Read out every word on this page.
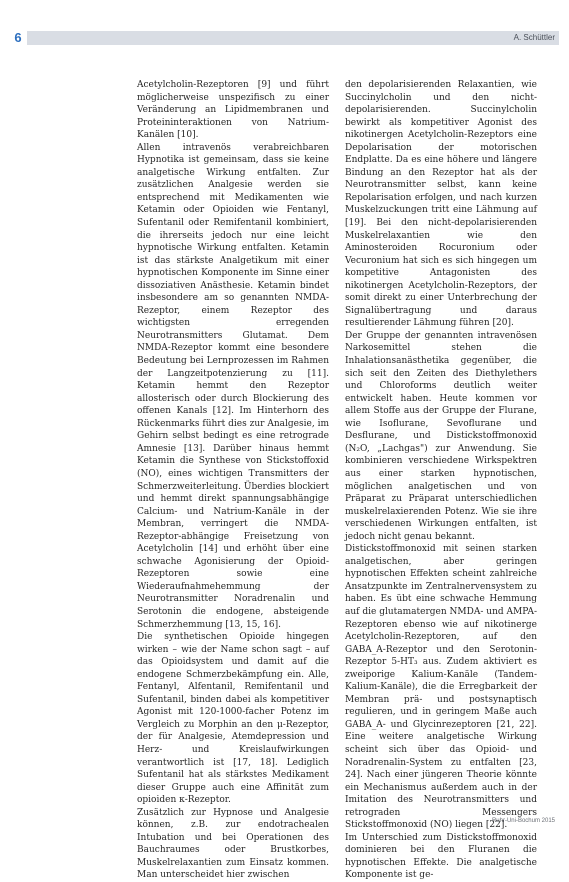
6	A. Schüttler

Acetylcholin-Rezeptoren [9] und führt möglicherweise unspezifisch zu einer Veränderung an Lipidmembranen und Proteininteraktionen von Natrium-Kanälen [10].

Allen intravenös verabreichbaren Hypnotika ist gemeinsam, dass sie keine analgetische Wirkung entfalten. Zur zusätzlichen Analgesie werden sie entsprechend mit Medikamenten wie Ketamin oder Opioiden wie Fentanyl, Sufentanil oder Remifentanil kombiniert, die ihrerseits jedoch nur eine leicht hypnotische Wirkung entfalten. Ketamin ist das stärkste Analgetikum mit einer hypnotischen Komponente im Sinne einer dissoziativen Anästhesie. Ketamin bindet insbesondere am so genannten NMDA-Rezeptor, einem Rezeptor des wichtigsten erregenden Neurotransmitters Glutamat. Dem NMDA-Rezeptor kommt eine besondere Bedeutung bei Lernprozessen im Rahmen der Langzeitpotenzierung zu [11]. Ketamin hemmt den Rezeptor allosterisch oder durch Blockierung des offenen Kanals [12]. Im Hinterhorn des Rückenmarks führt dies zur Analgesie, im Gehirn selbst bedingt es eine retrograde Amnesie [13]. Darüber hinaus hemmt Ketamin die Synthese von Stickstoffoxid (NO), eines wichtigen Transmitters der Schmerzweiterleitung. Überdies blockiert und hemmt direkt spannungsabhängige Calcium- und Natrium-Kanäle in der Membran, verringert die NMDA-Rezeptor-abhängige Freisetzung von Acetylcholin [14] und erhöht über eine schwache Agonisierung der Opioid-Rezeptoren sowie eine Wiederaufnahmehemmung der Neurotransmitter Noradrenalin und Serotonin die endogene, absteigende Schmerzhemmung [13, 15, 16].

Die synthetischen Opioide hingegen wirken – wie der Name schon sagt – auf das Opioidsystem und damit auf die endogene Schmerzbekämpfung ein. Alle, Fentanyl, Alfentanil, Remifentanil und Sufentanil, binden dabei als kompetitiver Agonist mit 120-1000-facher Potenz im Vergleich zu Morphin an den μ-Rezeptor, der für Analgesie, Atemdepression und Herz- und Kreislaufwirkungen verantwortlich ist [17, 18]. Lediglich Sufentanil hat als stärkstes Medikament dieser Gruppe auch eine Affinität zum opioiden κ-Rezeptor.

Zusätzlich zur Hypnose und Analgesie können, z.B. zur endotrachealen Intubation und bei Operationen des Bauchraumes oder Brustkorbes, Muskelrelaxantien zum Einsatz kommen. Man unterscheidet hier zwischen

den depolarisierenden Relaxantien, wie Succinylcholin und den nicht-depolarisierenden. Succinylcholin bewirkt als kompetitiver Agonist des nikotinergen Acetylcholin-Rezeptors eine Depolarisation der motorischen Endplatte. Da es eine höhere und längere Bindung an den Rezeptor hat als der Neurotransmitter selbst, kann keine Repolarisation erfolgen, und nach kurzen Muskelzuckungen tritt eine Lähmung auf [19]. Bei den nicht-depolarisierenden Muskelrelaxantien wie den Aminosteroiden Rocuronium oder Vecuronium hat sich es sich hingegen um kompetitive Antagonisten des nikotinergen Acetylcholin-Rezeptors, der somit direkt zu einer Unterbrechung der Signalübertragung und daraus resultierender Lähmung führen [20].

Der Gruppe der genannten intravenösen Narkosemittel stehen die Inhalationsanästhetika gegenüber, die sich seit den Zeiten des Diethylethers und Chloroforms deutlich weiter entwickelt haben. Heute kommen vor allem Stoffe aus der Gruppe der Flurane, wie Isoflurane, Sevoflurane und Desflurane, und Distickstoffmonoxid (N₂O, „Lachgas") zur Anwendung. Sie kombinieren verschiedene Wirkspektren aus einer starken hypnotischen, möglichen analgetischen und von Präparat zu Präparat unterschiedlichen muskelrelaxierenden Potenz. Wie sie ihre verschiedenen Wirkungen entfalten, ist jedoch nicht genau bekannt.

Distickstoffmonoxid mit seinen starken analgetischen, aber geringen hypnotischen Effekten scheint zahlreiche Ansatzpunkte im Zentralnervensystem zu haben. Es übt eine schwache Hemmung auf die glutamatergen NMDA- und AMPA-Rezeptoren ebenso wie auf nikotinerge Acetylcholin-Rezeptoren, auf den GABA_A-Rezeptor und den Serotonin-Rezeptor 5-HT₃ aus. Zudem aktiviert es zweiporige Kalium-Kanäle (Tandem-Kalium-Kanäle), die die Erregbarkeit der Membran prä- und postsynaptisch regulieren, und in geringem Maße auch GABA_A- und Glycinrezeptoren [21, 22]. Eine weitere analgetische Wirkung scheint sich über das Opioid- und Noradrenalin-System zu entfalten [23, 24]. Nach einer jüngeren Theorie könnte ein Mechanismus außerdem auch in der Imitation des Neurotransmitters und retrograden Messengers Stickstoffmonoxid (NO) liegen [22].

Im Unterschied zum Distickstoffmonoxid dominieren bei den Fluranen die hypnotischen Effekte. Die analgetische Komponente ist ge-

Ruhr-Uni-Bochum 2015
